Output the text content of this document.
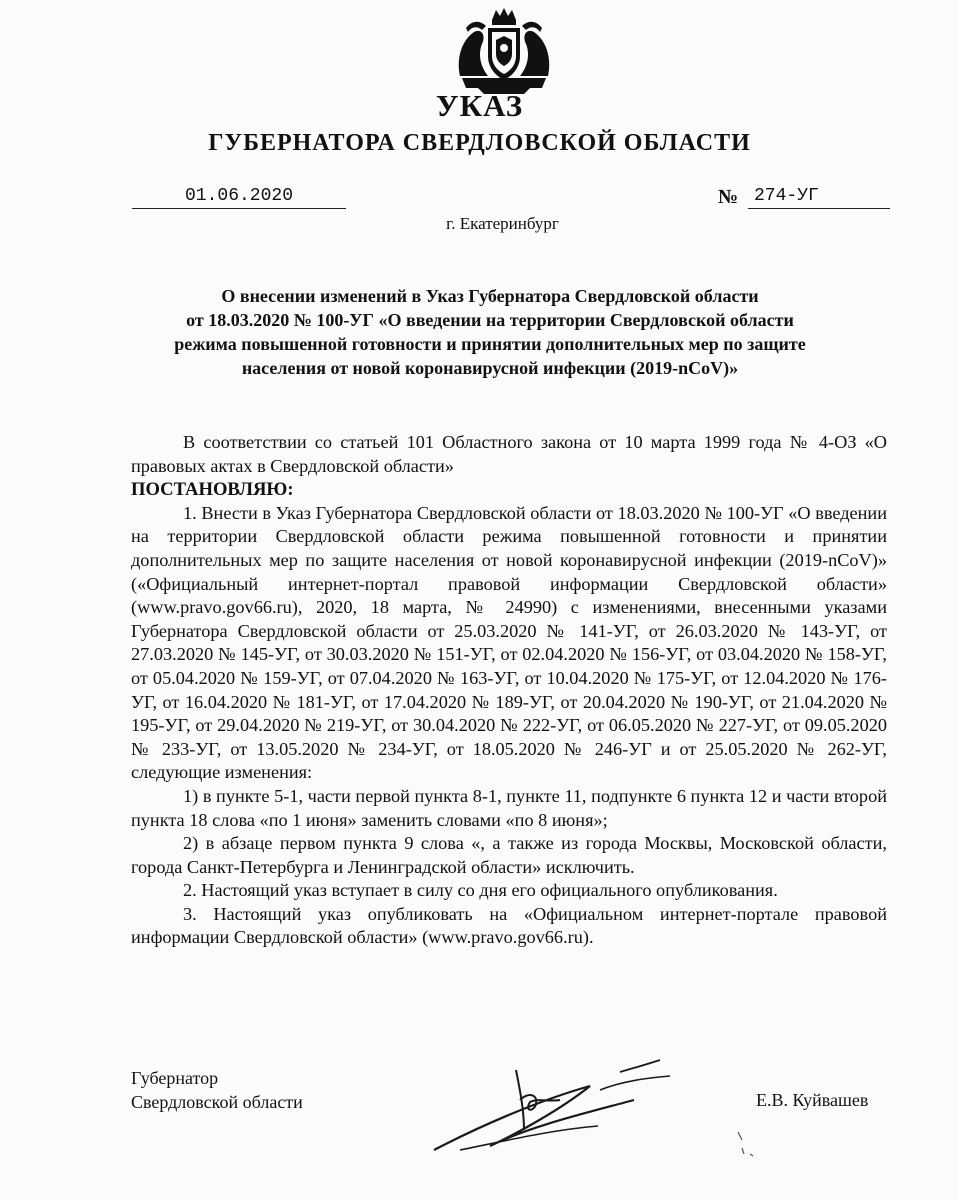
УКАЗ
ГУБЕРНАТОРА СВЕРДЛОВСКОЙ ОБЛАСТИ
01.06.2020	№ 274-УГ
г. Екатеринбург
О внесении изменений в Указ Губернатора Свердловской области
от 18.03.2020 № 100-УГ «О введении на территории Свердловской области
режима повышенной готовности и принятии дополнительных мер по защите
населения от новой коронавирусной инфекции (2019-nCoV)»

В соответствии со статьей 101 Областного закона от 10 марта 1999 года № 4-ОЗ «О правовых актах в Свердловской области»

ПОСТАНОВЛЯЮ:

1. Внести в Указ Губернатора Свердловской области от 18.03.2020 № 100-УГ «О введении на территории Свердловской области режима повышенной готовности и принятии дополнительных мер по защите населения от новой коронавирусной инфекции (2019-nCoV)» («Официальный интернет-портал правовой информации Свердловской области» (www.pravo.gov66.ru), 2020, 18 марта, № 24990) с изменениями, внесенными указами Губернатора Свердловской области от 25.03.2020 № 141-УГ, от 26.03.2020 № 143-УГ, от 27.03.2020 № 145-УГ, от 30.03.2020 № 151-УГ, от 02.04.2020 № 156-УГ, от 03.04.2020 № 158-УГ, от 05.04.2020 № 159-УГ, от 07.04.2020 № 163-УГ, от 10.04.2020 № 175-УГ, от 12.04.2020 № 176-УГ, от 16.04.2020 № 181-УГ, от 17.04.2020 № 189-УГ, от 20.04.2020 № 190-УГ, от 21.04.2020 № 195-УГ, от 29.04.2020 № 219-УГ, от 30.04.2020 № 222-УГ, от 06.05.2020 № 227-УГ, от 09.05.2020 № 233-УГ, от 13.05.2020 № 234-УГ, от 18.05.2020 № 246-УГ и от 25.05.2020 № 262-УГ, следующие изменения:

1) в пункте 5-1, части первой пункта 8-1, пункте 11, подпункте 6 пункта 12 и части второй пункта 18 слова «по 1 июня» заменить словами «по 8 июня»;

2) в абзаце первом пункта 9 слова «, а также из города Москвы, Московской области, города Санкт-Петербурга и Ленинградской области» исключить.

2. Настоящий указ вступает в силу со дня его официального опубликования.

3. Настоящий указ опубликовать на «Официальном интернет-портале правовой информации Свердловской области» (www.pravo.gov66.ru).

Губернатор
Свердловской области	Е.В. Куйвашев
